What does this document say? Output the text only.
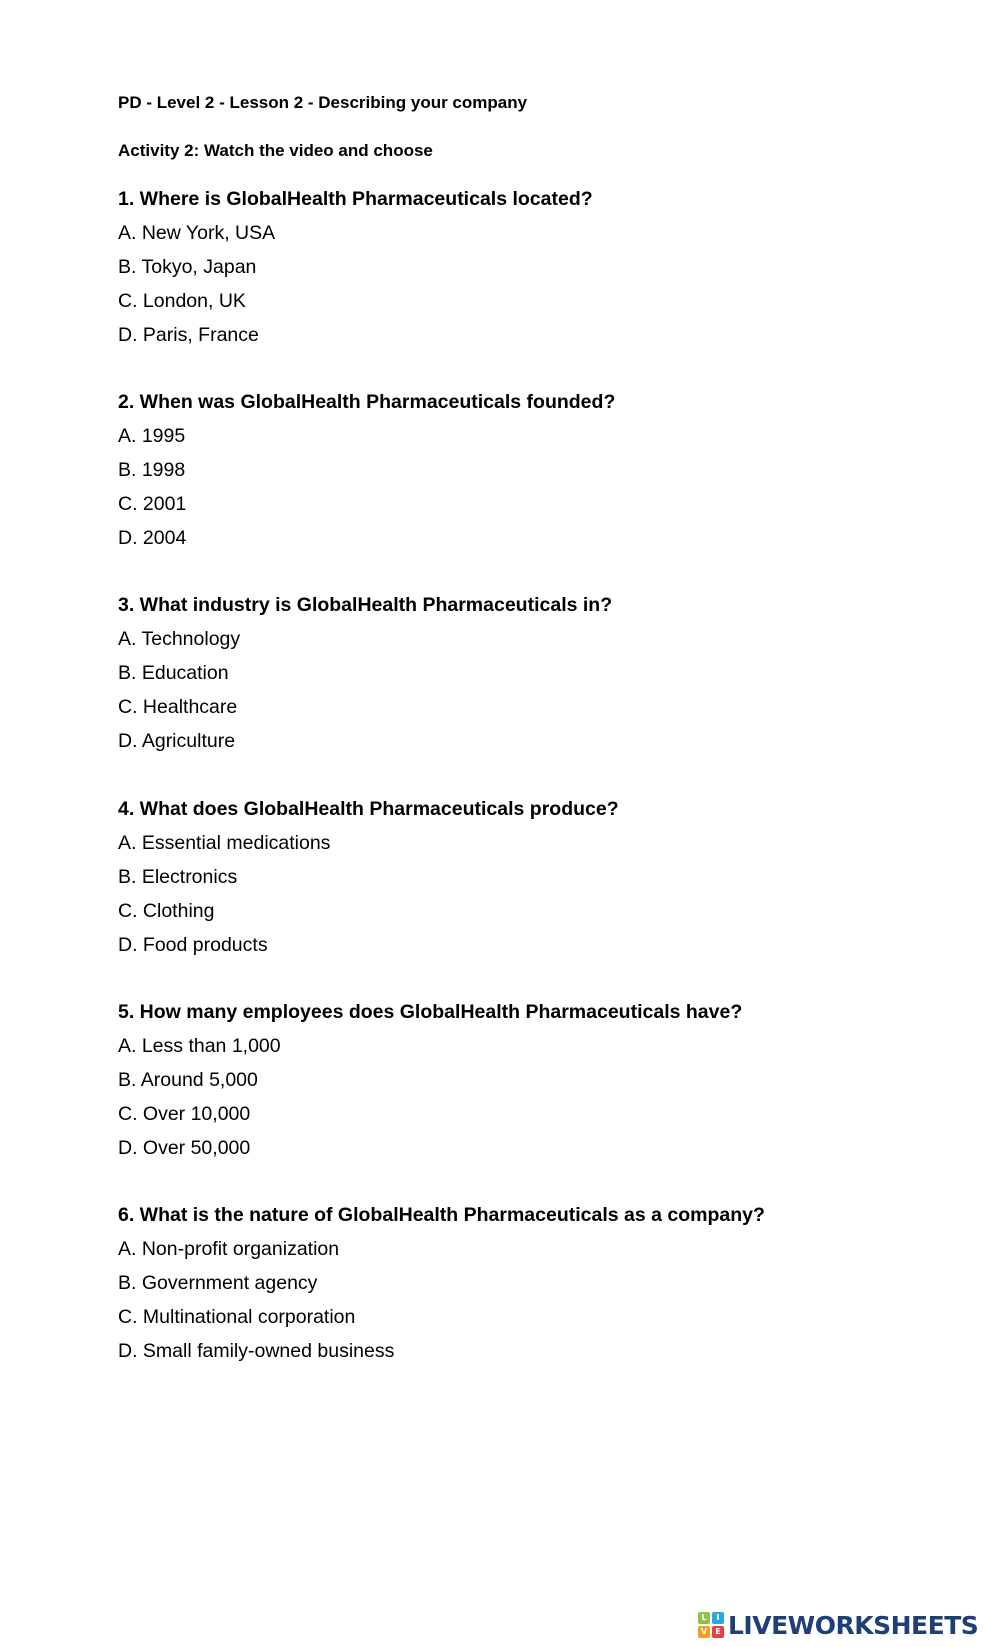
PD - Level 2 - Lesson 2 - Describing your company
Activity 2: Watch the video and choose
1. Where is GlobalHealth Pharmaceuticals located?
A. New York, USA
B. Tokyo, Japan
C. London, UK
D. Paris, France
2. When was GlobalHealth Pharmaceuticals founded?
A. 1995
B. 1998
C. 2001
D. 2004
3. What industry is GlobalHealth Pharmaceuticals in?
A. Technology
B. Education
C. Healthcare
D. Agriculture
4. What does GlobalHealth Pharmaceuticals produce?
A. Essential medications
B. Electronics
C. Clothing
D. Food products
5. How many employees does GlobalHealth Pharmaceuticals have?
A. Less than 1,000
B. Around 5,000
C. Over 10,000
D. Over 50,000
6. What is the nature of GlobalHealth Pharmaceuticals as a company?
A. Non-profit organization
B. Government agency
C. Multinational corporation
D. Small family-owned business
L	I
V	E LIVEWORKSHEETS
